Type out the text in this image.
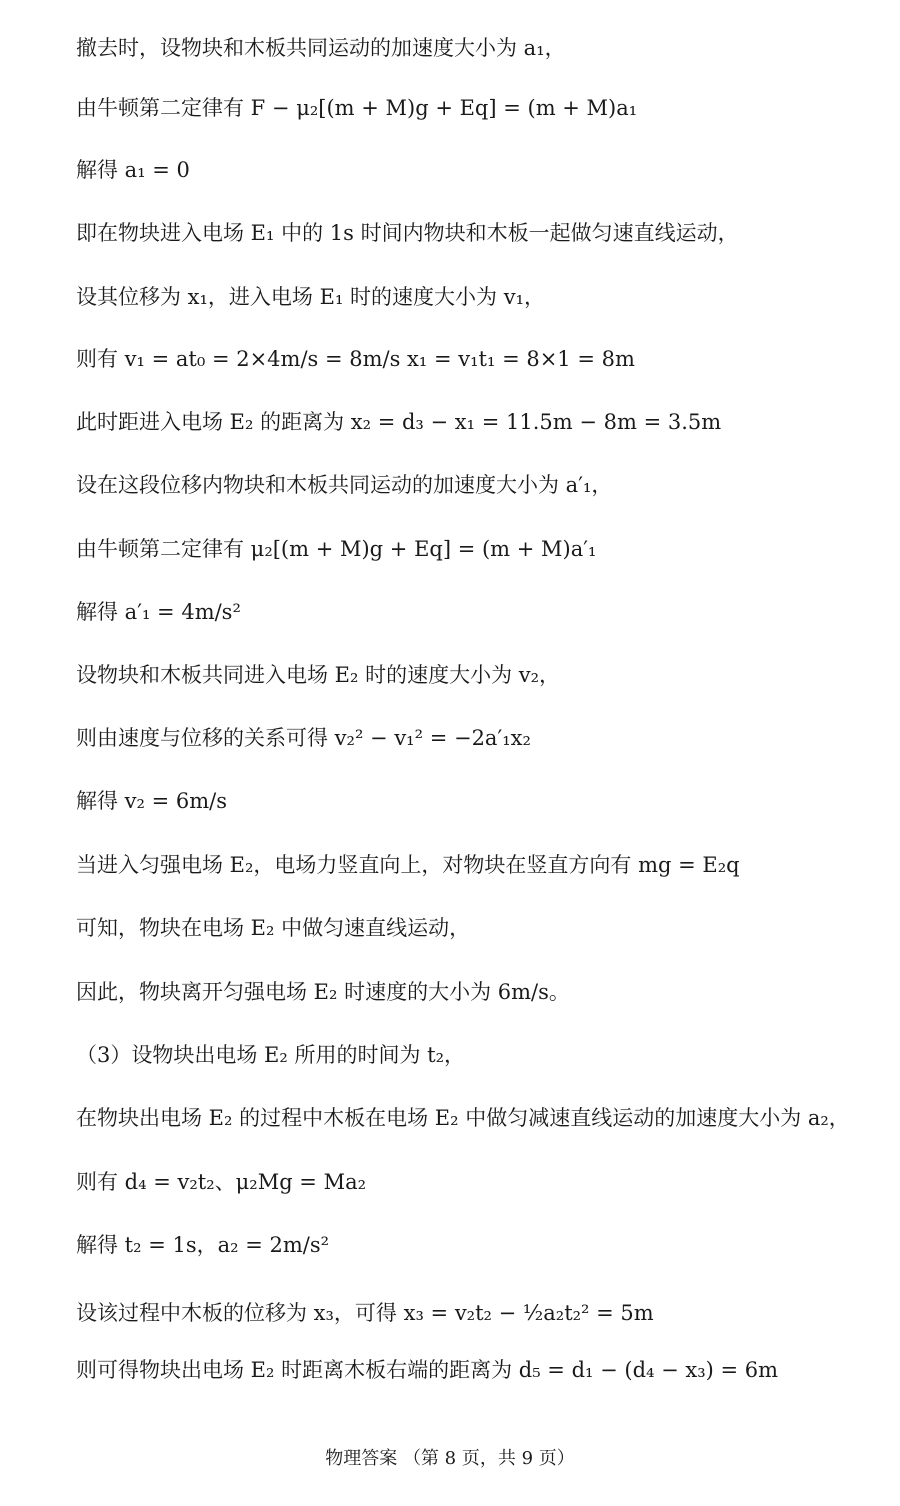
撤去时，设物块和木板共同运动的加速度大小为 a₁，
由牛顿第二定律有 F − μ₂[(m + M)g + Eq] = (m + M)a₁
解得 a₁ = 0
即在物块进入电场 E₁ 中的 1s 时间内物块和木板一起做匀速直线运动，
设其位移为 x₁，进入电场 E₁ 时的速度大小为 v₁，
则有 v₁ = at₀ = 2×4m/s = 8m/s x₁ = v₁t₁ = 8×1 = 8m
此时距进入电场 E₂ 的距离为 x₂ = d₃ − x₁ = 11.5m − 8m = 3.5m
设在这段位移内物块和木板共同运动的加速度大小为 a′₁，
由牛顿第二定律有 μ₂[(m + M)g + Eq] = (m + M)a′₁
解得 a′₁ = 4m/s²
设物块和木板共同进入电场 E₂ 时的速度大小为 v₂，
则由速度与位移的关系可得 v₂² − v₁² = −2a′₁x₂
解得 v₂ = 6m/s
当进入匀强电场 E₂，电场力竖直向上，对物块在竖直方向有 mg = E₂q
可知，物块在电场 E₂ 中做匀速直线运动，
因此，物块离开匀强电场 E₂ 时速度的大小为 6m/s。
（3）设物块出电场 E₂ 所用的时间为 t₂，
在物块出电场 E₂ 的过程中木板在电场 E₂ 中做匀减速直线运动的加速度大小为 a₂，
则有 d₄ = v₂t₂、μ₂Mg = Ma₂
解得 t₂ = 1s，a₂ = 2m/s²
设该过程中木板的位移为 x₃，可得 x₃ = v₂t₂ − ½a₂t₂² = 5m
则可得物块出电场 E₂ 时距离木板右端的距离为 d₅ = d₁ − (d₄ − x₃) = 6m
物理答案 （第 8 页，共 9 页）
